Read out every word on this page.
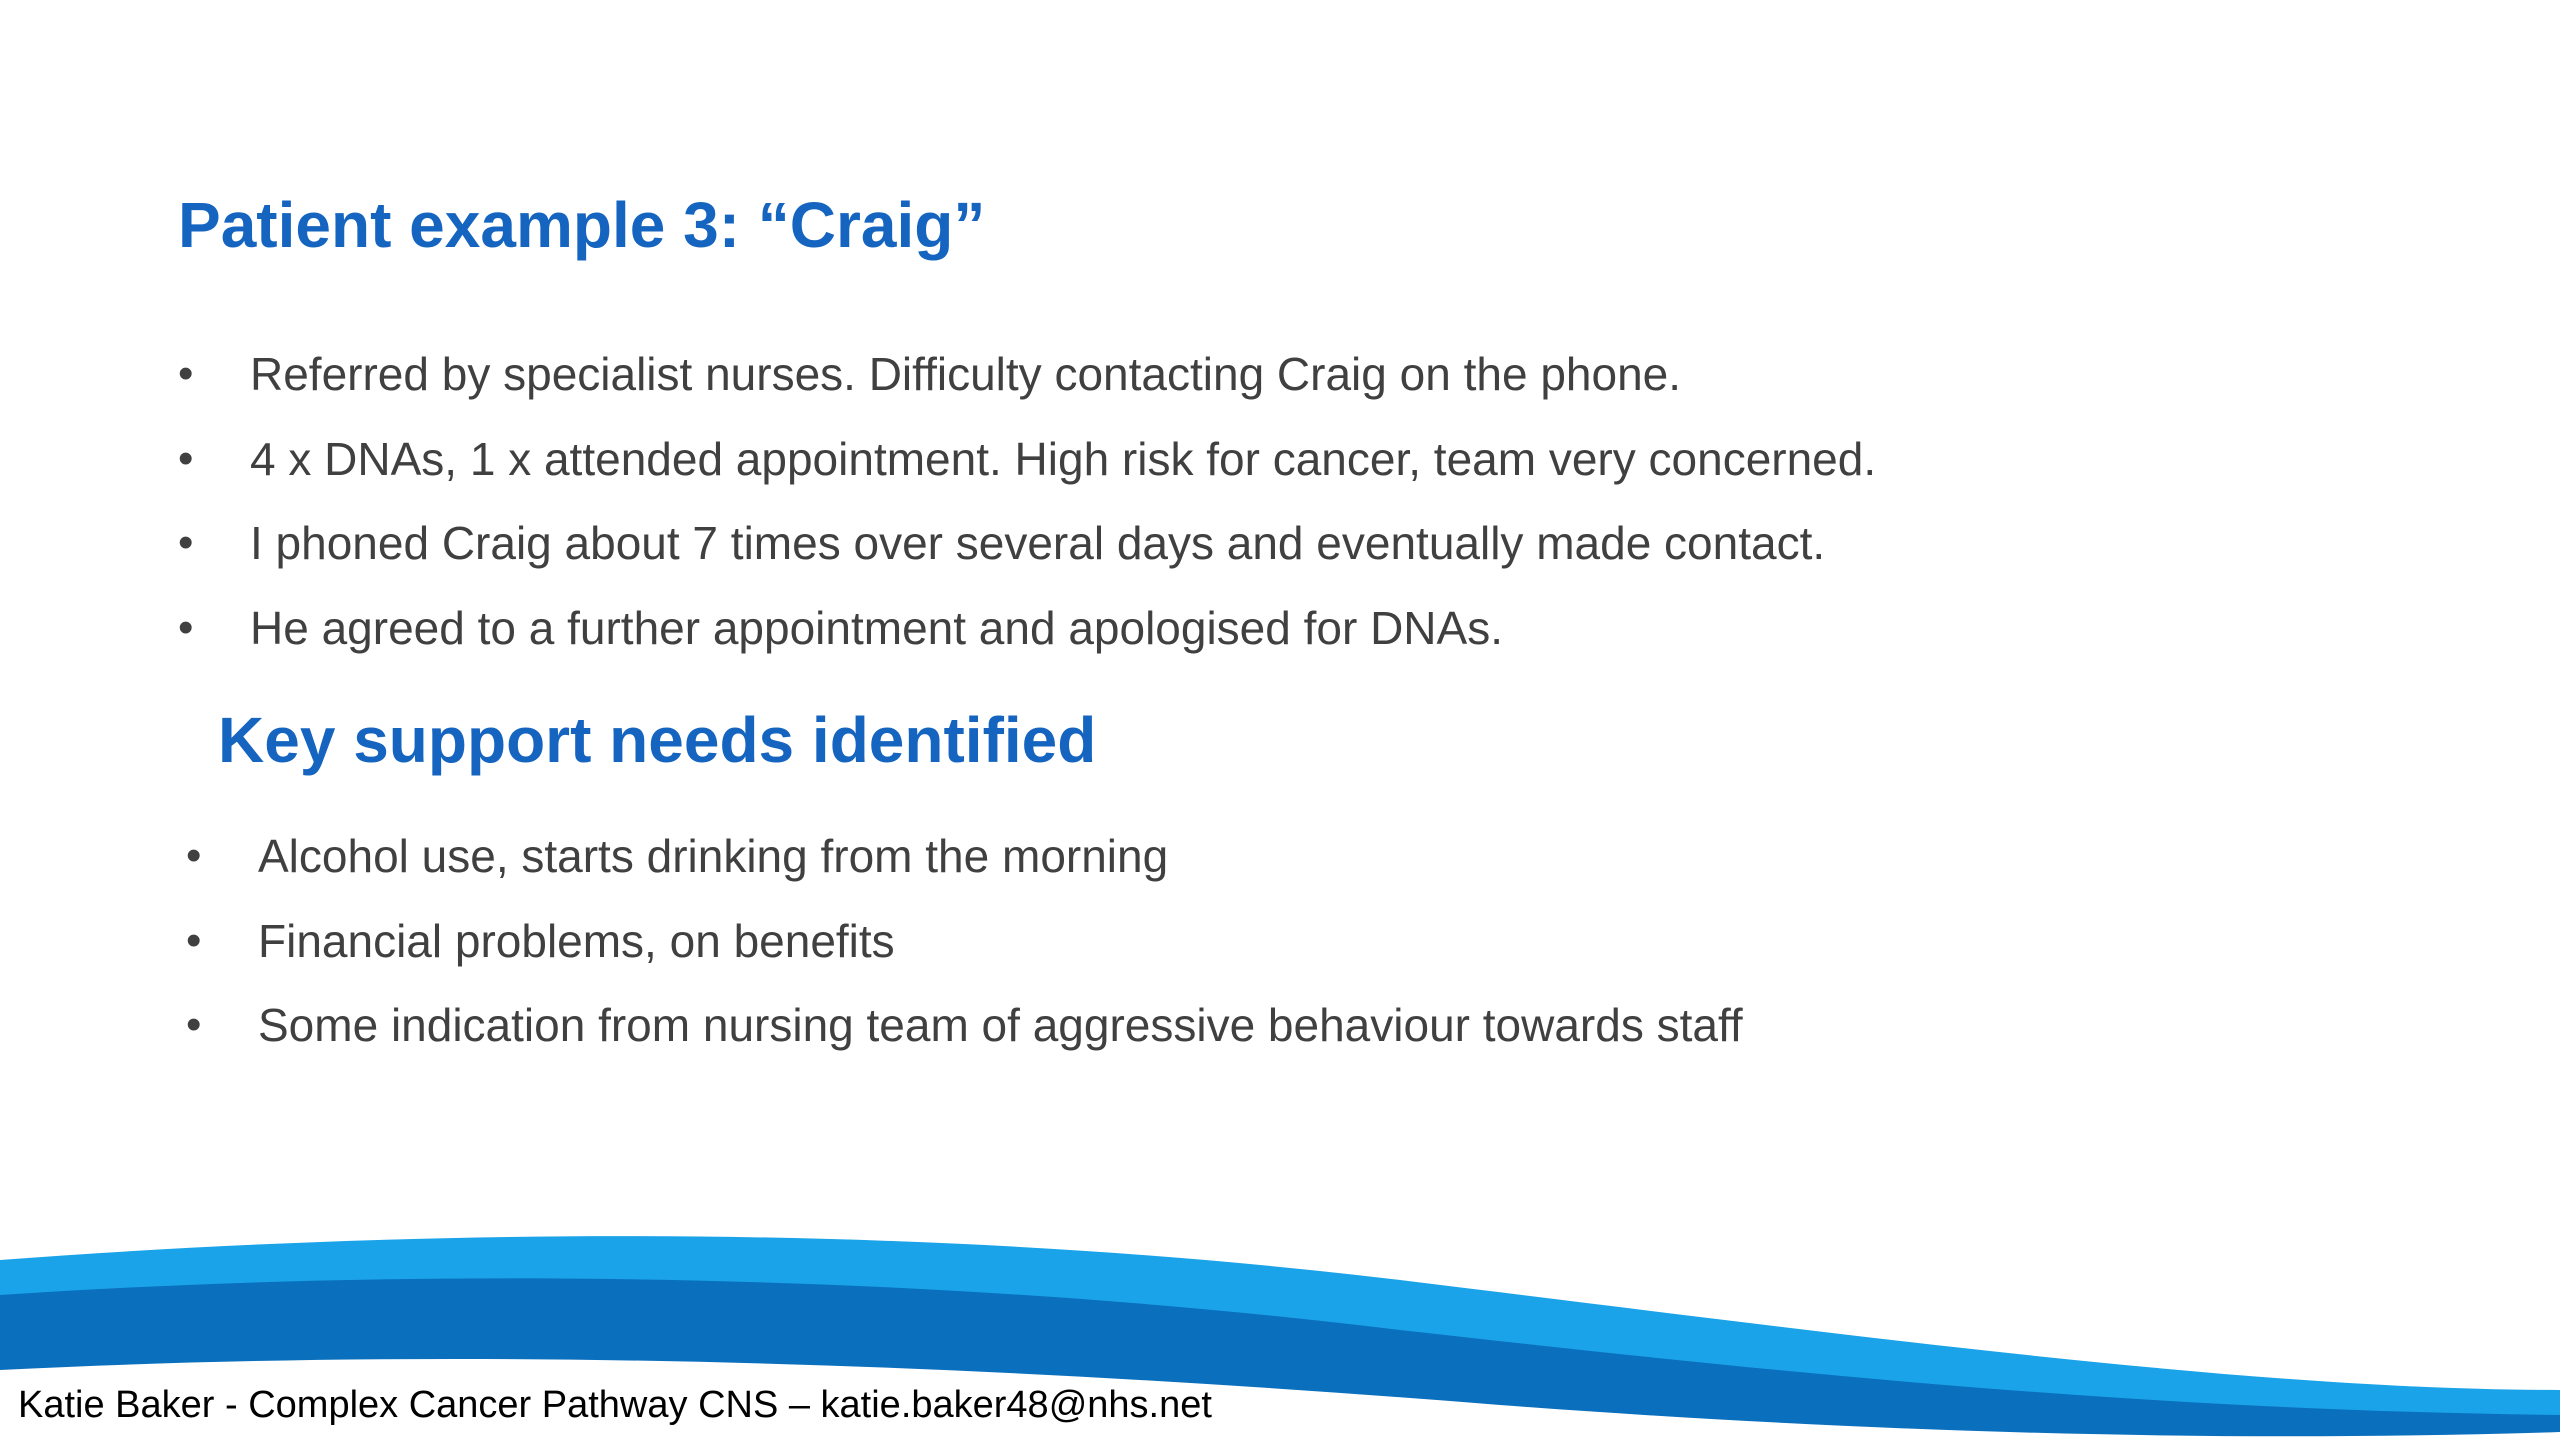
Patient example 3: “Craig”
• Referred by specialist nurses. Difficulty contacting Craig on the phone.
• 4 x DNAs, 1 x attended appointment. High risk for cancer, team very concerned.
• I phoned Craig about 7 times over several days and eventually made contact.
• He agreed to a further appointment and apologised for DNAs.
Key support needs identified
• Alcohol use, starts drinking from the morning
• Financial problems, on benefits
• Some indication from nursing team of aggressive behaviour towards staff
Katie Baker - Complex Cancer Pathway CNS – katie.baker48@nhs.net
